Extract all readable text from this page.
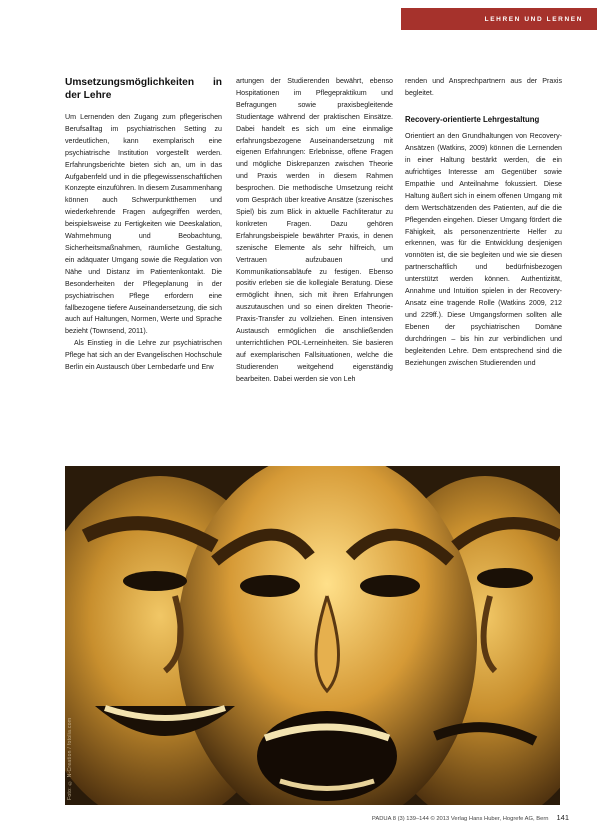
LEHREN UND LERNEN
Umsetzungsmöglichkeiten in der Lehre

Um Lernenden den Zugang zum pflegerischen Berufsalltag im psychiatrischen Setting zu verdeutlichen, kann exemplarisch eine psychiatrische Institution vorgestellt werden. Erfahrungsberichte bieten sich an, um in das Aufgabenfeld und in die pflegewissenschaftlichen Konzepte einzuführen. In diesem Zusammenhang können auch Schwerpunktthemen und wiederkehrende Fragen aufgegriffen werden, beispielsweise zu Fertigkeiten wie Deeskalation, Wahrnehmung und Beobachtung, Sicherheitsmaßnahmen, räumliche Gestaltung, ein adäquater Umgang sowie die Regulation von Nähe und Distanz im Patientenkontakt. Die Besonderheiten der Pflegeplanung in der psychiatrischen Pflege erfordern eine fallbezogene tiefere Auseinandersetzung, die sich auch auf Haltungen, Normen, Werte und Sprache bezieht (Townsend, 2011).

Als Einstieg in die Lehre zur psychiatrischen Pflege hat sich an der Evangelischen Hochschule Berlin ein Austausch über Lernbedarfe und Erw

artungen der Studierenden bewährt, ebenso Hospitationen im Pflegepraktikum und Befragungen sowie praxisbegleitende Studientage während der praktischen Einsätze. Dabei handelt es sich um eine einmalige erfahrungsbezogene Auseinandersetzung mit eigenen Erfahrungen: Erlebnisse, offene Fragen und mögliche Diskrepanzen zwischen Theorie und Praxis werden in diesem Rahmen besprochen. Die methodische Umsetzung reicht vom Gespräch über kreative Ansätze (szenisches Spiel) bis zum Blick in aktuelle Fachliteratur zu konkreten Fragen. Dazu gehören Erfahrungsbeispiele bewährter Praxis, in denen szenische Elemente als sehr hilfreich, um Vertrauen aufzubauen und Kommunikationsabläufe zu festigen. Ebenso positiv erleben sie die kollegiale Beratung. Diese ermöglicht ihnen, sich mit ihren Erfahrungen auszutauschen und so einen direkten Theorie-Praxis-Transfer zu vollziehen. Einen intensiven Austausch ermöglichen die anschließenden unterrichtlichen POL-Lerneinheiten. Sie basieren auf exemplarischen Fallsituationen, welche die Studierenden weitgehend eigenständig bearbeiten. Dabei werden sie von Leh

renden und Ansprechpartnern aus der Praxis begleitet.

Recovery-orientierte Lehrgestaltung

Orientiert an den Grundhaltungen von Recovery-Ansätzen (Watkins, 2009) können die Lernenden in einer Haltung bestärkt werden, die ein aufrichtiges Interesse am Gegenüber sowie Empathie und Anteilnahme fokussiert. Diese Haltung äußert sich in einem offenen Umgang mit dem Wertschätzenden des Patienten, auf die die Pflegenden eingehen. Dieser Umgang fördert die Fähigkeit, als personenzentrierte Helfer zu erkennen, was für die Entwicklung desjenigen vonnöten ist, die sie begleiten und wie sie diesen partnerschaftlich und bedürfnisbezogen unterstützt werden können. Authentizität, Annahme und Intuition spielen in der Recovery-Ansatz eine tragende Rolle (Watkins 2009, 212 und 229ff.). Diese Umgangsformen sollten alle Ebenen der psychiatrischen Domäne durchdringen – bis hin zur verbindlichen und begleitenden Lehre. Dem entsprechend sind die Beziehungen zwischen Studierenden und

Foto: © N-Creation / fotolia.com
PADUA 8 (3) 139–144 © 2013 Verlag Hans Huber, Hogrefe AG, Bern 141
